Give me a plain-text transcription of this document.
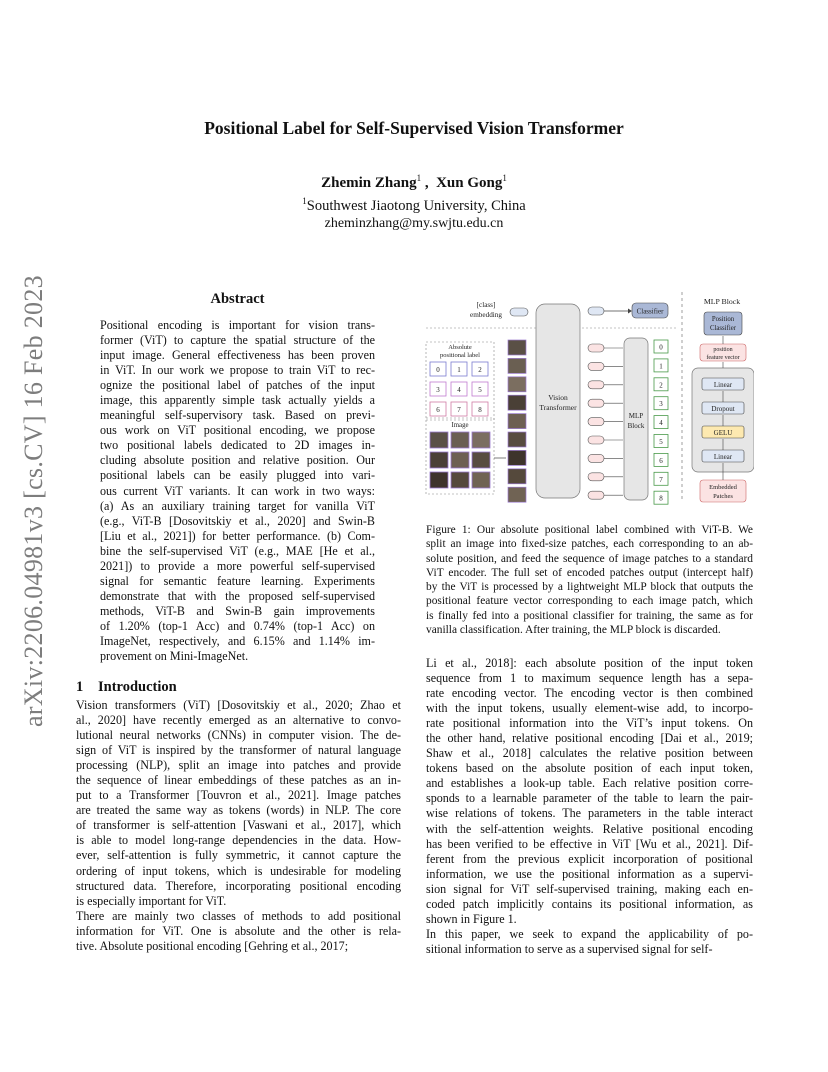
arXiv:2206.04981v3 [cs.CV] 16 Feb 2023
Positional Label for Self-Supervised Vision Transformer
Zhemin Zhang$^1$ ,  Xun Gong$^1$
$^1$Southwest Jiaotong University, China
zheminzhang@my.swjtu.edu.cn
Abstract
Positional encoding is important for vision trans-
former (ViT) to capture the spatial structure of the
input image. General effectiveness has been proven
in ViT. In our work we propose to train ViT to rec-
ognize the positional label of patches of the input
image, this apparently simple task actually yields a
meaningful self-supervisory task. Based on previ-
ous work on ViT positional encoding, we propose
two positional labels dedicated to 2D images in-
cluding absolute position and relative position. Our
positional labels can be easily plugged into vari-
ous current ViT variants. It can work in two ways:
(a) As an auxiliary training target for vanilla ViT
(e.g., ViT-B [Dosovitskiy et al., 2020] and Swin-B
[Liu et al., 2021]) for better performance. (b) Com-
bine the self-supervised ViT (e.g., MAE [He et al.,
2021]) to provide a more powerful self-supervised
signal for semantic feature learning. Experiments
demonstrate that with the proposed self-supervised
methods, ViT-B and Swin-B gain improvements
of 1.20% (top-1 Acc) and 0.74% (top-1 Acc) on
ImageNet, respectively, and 6.15% and 1.14% im-
provement on Mini-ImageNet.
1 Introduction
Vision transformers (ViT) [Dosovitskiy et al., 2020; Zhao et
al., 2020] have recently emerged as an alternative to convo-
lutional neural networks (CNNs) in computer vision. The de-
sign of ViT is inspired by the transformer of natural language
processing (NLP), split an image into patches and provide
the sequence of linear embeddings of these patches as an in-
put to a Transformer [Touvron et al., 2021]. Image patches
are treated the same way as tokens (words) in NLP. The core
of transformer is self-attention [Vaswani et al., 2017], which
is able to model long-range dependencies in the data. How-
ever, self-attention is fully symmetric, it cannot capture the
ordering of input tokens, which is undesirable for modeling
structured data. Therefore, incorporating positional encoding
is especially important for ViT.
There are mainly two classes of methods to add positional
information for ViT. One is absolute and the other is rela-
tive. Absolute positional encoding [Gehring et al., 2017;
Li et al., 2018]: each absolute position of the input token
sequence from 1 to maximum sequence length has a sepa-
rate encoding vector. The encoding vector is then combined
with the input tokens, usually element-wise add, to incorpo-
rate positional information into the ViT’s input tokens. On
the other hand, relative positional encoding [Dai et al., 2019;
Shaw et al., 2018] calculates the relative position between
tokens based on the absolute position of each input token,
and establishes a look-up table. Each relative position corre-
sponds to a learnable parameter of the table to learn the pair-
wise relations of tokens. The parameters in the table interact
with the self-attention weights. Relative positional encoding
has been verified to be effective in ViT [Wu et al., 2021]. Dif-
ferent from the previous explicit incorporation of positional
information, we use the positional information as a supervi-
sion signal for ViT self-supervised training, making each en-
coded patch implicitly contains its positional information, as
shown in Figure 1.
In this paper, we seek to expand the applicability of po-
sitional information to serve as a supervised signal for self-
Figure 1: Our absolute positional label combined with ViT-B. We
split an image into fixed-size patches, each corresponding to an ab-
solute position, and feed the sequence of image patches to a standard
ViT encoder. The full set of encoded patches output (intercept half)
by the ViT is processed by a lightweight MLP block that outputs the
positional feature vector corresponding to each image patch, which
is finally fed into a positional classifier for training, the same as for
vanilla classification. After training, the MLP block is discarded.
[class]
embedding
Absolute
positional label
0	1	2
3	4	5
6	7	8
Image
Vision
Transformer
Classifier
MLP
Block
0
1
2
3
4
5
6
7
8
MLP Block
Position
Classifier
position
feature vector
Linear
Dropout
GELU
Linear
Embedded
Patches
